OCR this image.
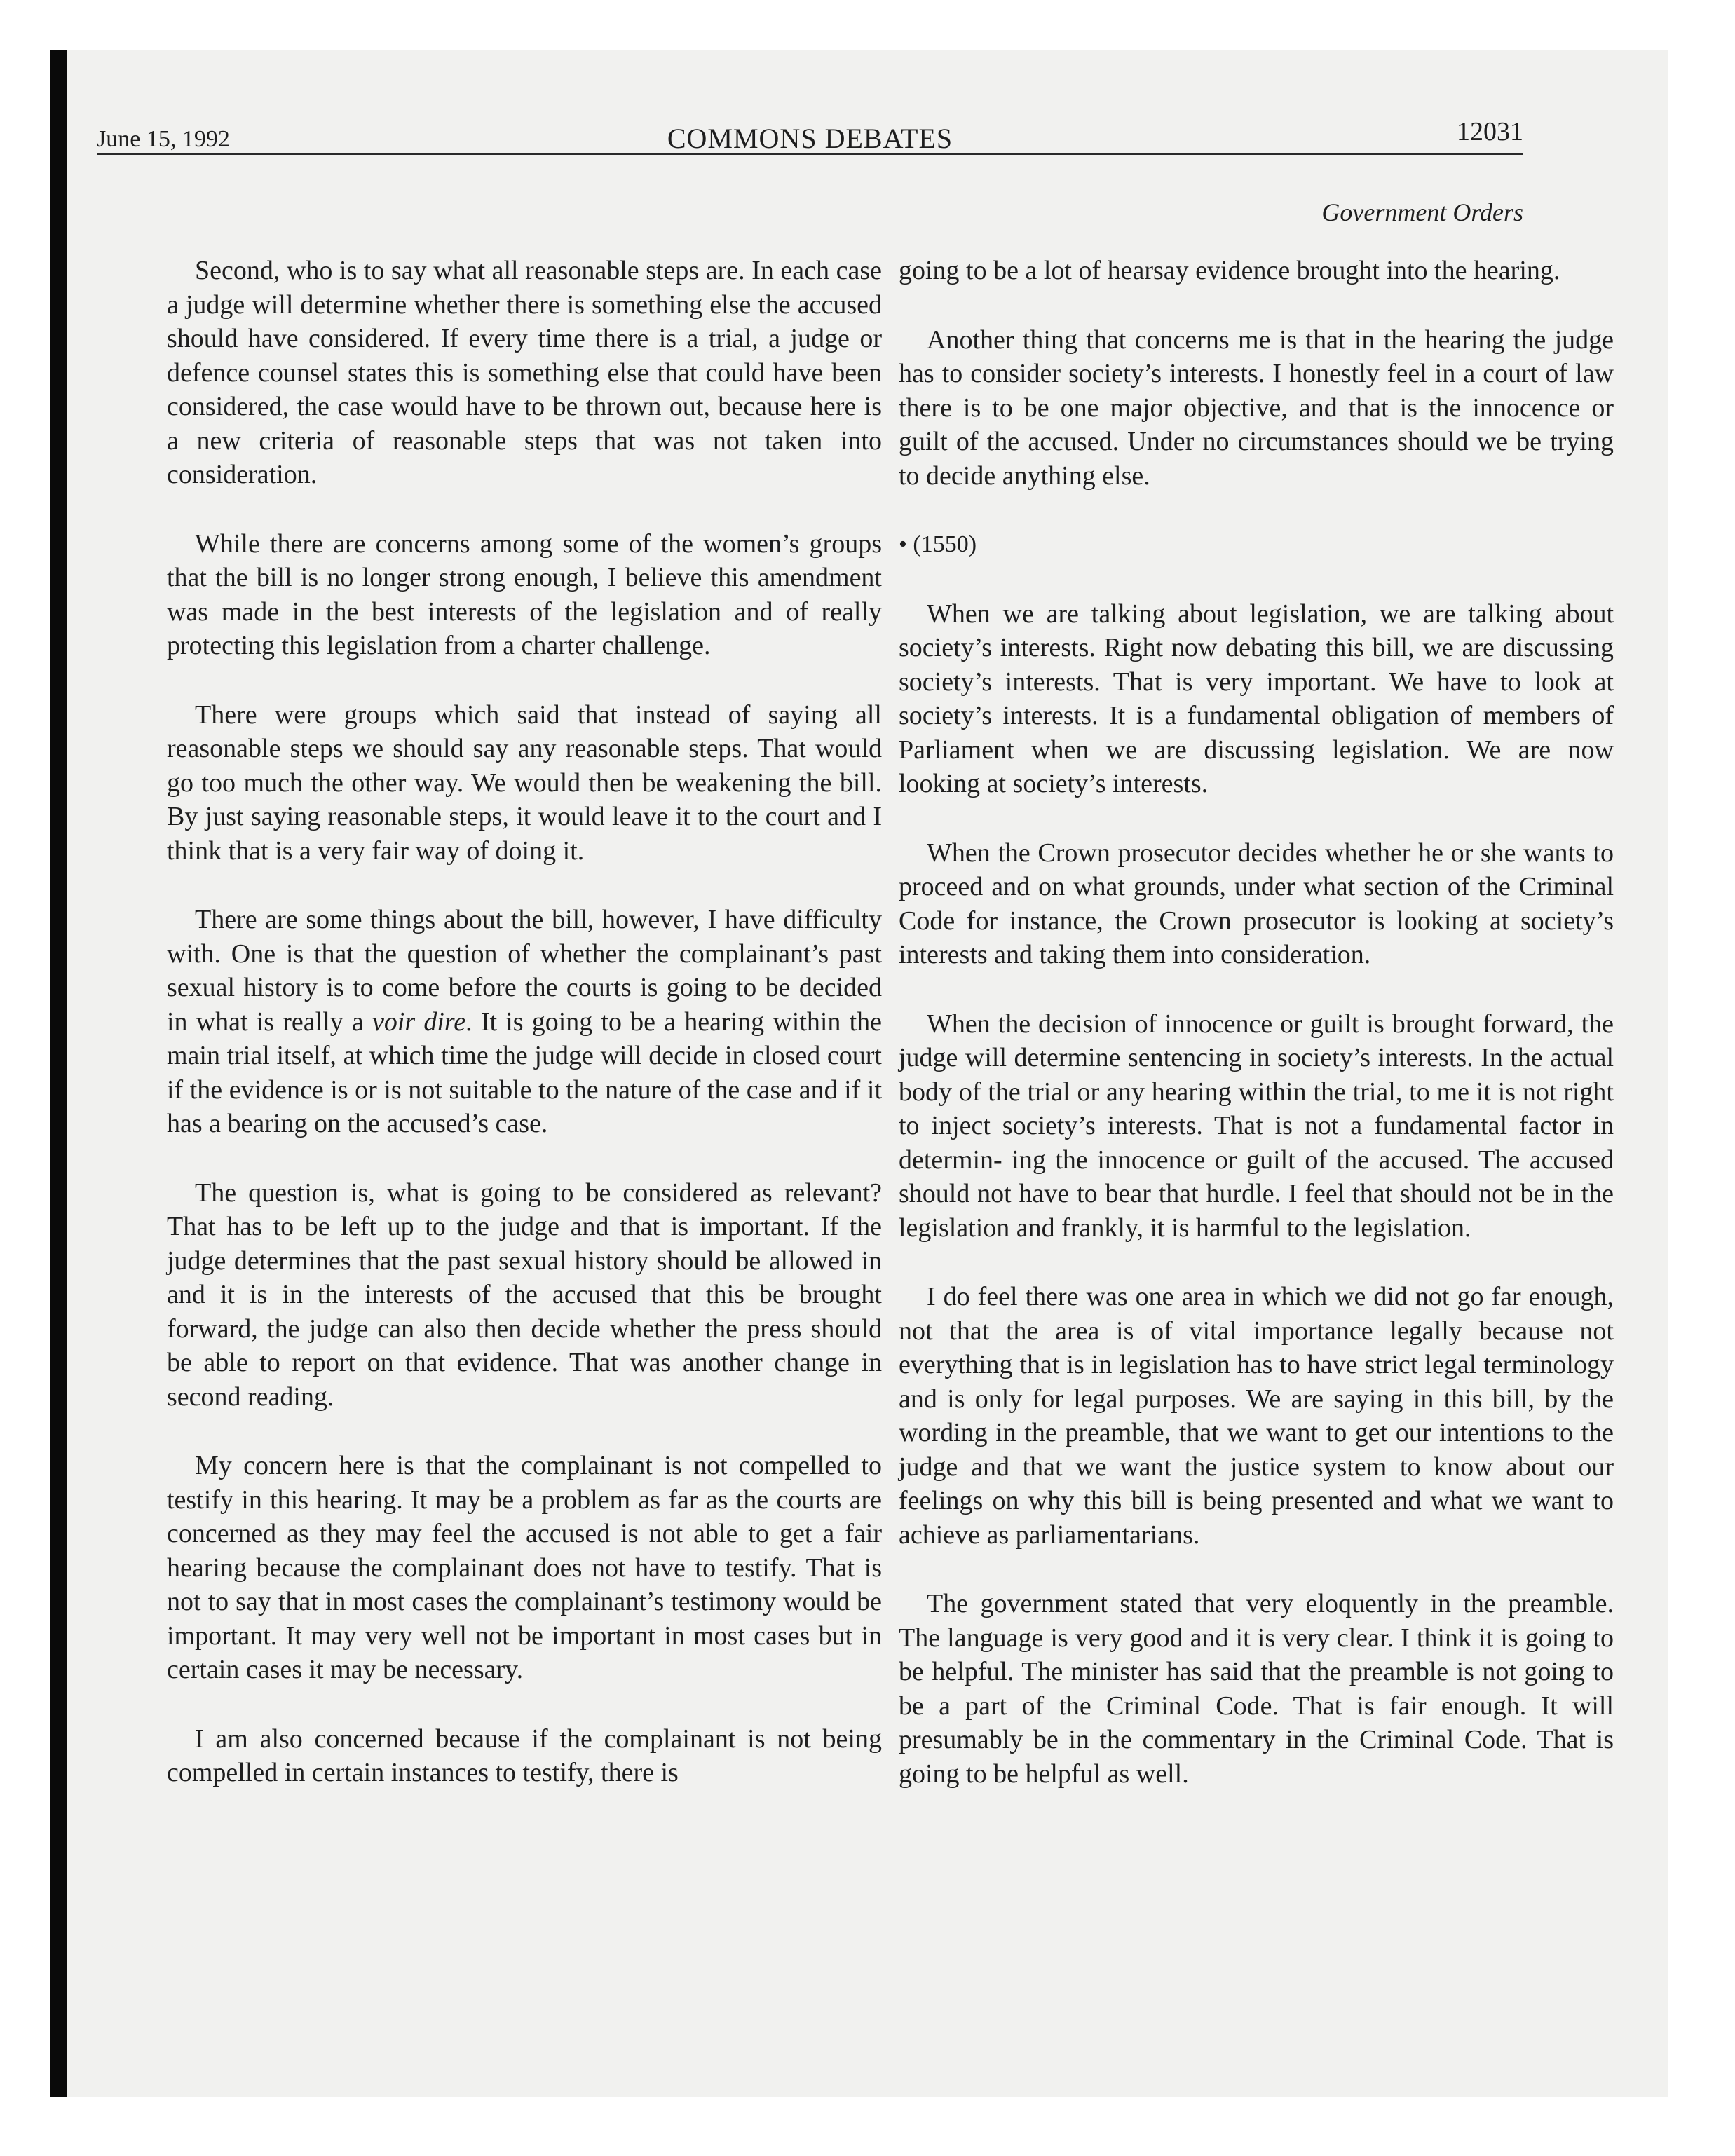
June 15, 1992	COMMONS DEBATES	12031
Government Orders

Second, who is to say what all reasonable steps are. In each case a judge will determine whether there is something else the accused should have considered. If every time there is a trial, a judge or defence counsel states this is something else that could have been considered, the case would have to be thrown out, because here is a new criteria of reasonable steps that was not taken into consideration.

While there are concerns among some of the women’s groups that the bill is no longer strong enough, I believe this amendment was made in the best interests of the legislation and of really protecting this legislation from a charter challenge.

There were groups which said that instead of saying all reasonable steps we should say any reasonable steps. That would go too much the other way. We would then be weakening the bill. By just saying reasonable steps, it would leave it to the court and I think that is a very fair way of doing it.

There are some things about the bill, however, I have difficulty with. One is that the question of whether the complainant’s past sexual history is to come before the courts is going to be decided in what is really a voir dire. It is going to be a hearing within the main trial itself, at which time the judge will decide in closed court if the evidence is or is not suitable to the nature of the case and if it has a bearing on the accused’s case.

The question is, what is going to be considered as relevant? That has to be left up to the judge and that is important. If the judge determines that the past sexual history should be allowed in and it is in the interests of the accused that this be brought forward, the judge can also then decide whether the press should be able to report on that evidence. That was another change in second reading.

My concern here is that the complainant is not compelled to testify in this hearing. It may be a problem as far as the courts are concerned as they may feel the accused is not able to get a fair hearing because the complainant does not have to testify. That is not to say that in most cases the complainant’s testimony would be important. It may very well not be important in most cases but in certain cases it may be necessary.

I am also concerned because if the complainant is not being compelled in certain instances to testify, there is

going to be a lot of hearsay evidence brought into the hearing.

Another thing that concerns me is that in the hearing the judge has to consider society’s interests. I honestly feel in a court of law there is to be one major objective, and that is the innocence or guilt of the accused. Under no circumstances should we be trying to decide anything else.

• (1550)

When we are talking about legislation, we are talking about society’s interests. Right now debating this bill, we are discussing society’s interests. That is very important. We have to look at society’s interests. It is a fundamental obligation of members of Parliament when we are discussing legislation. We are now looking at society’s interests.

When the Crown prosecutor decides whether he or she wants to proceed and on what grounds, under what section of the Criminal Code for instance, the Crown prosecutor is looking at society’s interests and taking them into consideration.

When the decision of innocence or guilt is brought forward, the judge will determine sentencing in society’s interests. In the actual body of the trial or any hearing within the trial, to me it is not right to inject society’s interests. That is not a fundamental factor in determin- ing the innocence or guilt of the accused. The accused should not have to bear that hurdle. I feel that should not be in the legislation and frankly, it is harmful to the legislation.

I do feel there was one area in which we did not go far enough, not that the area is of vital importance legally because not everything that is in legislation has to have strict legal terminology and is only for legal purposes. We are saying in this bill, by the wording in the preamble, that we want to get our intentions to the judge and that we want the justice system to know about our feelings on why this bill is being presented and what we want to achieve as parliamentarians.

The government stated that very eloquently in the preamble. The language is very good and it is very clear. I think it is going to be helpful. The minister has said that the preamble is not going to be a part of the Criminal Code. That is fair enough. It will presumably be in the commentary in the Criminal Code. That is going to be helpful as well.
